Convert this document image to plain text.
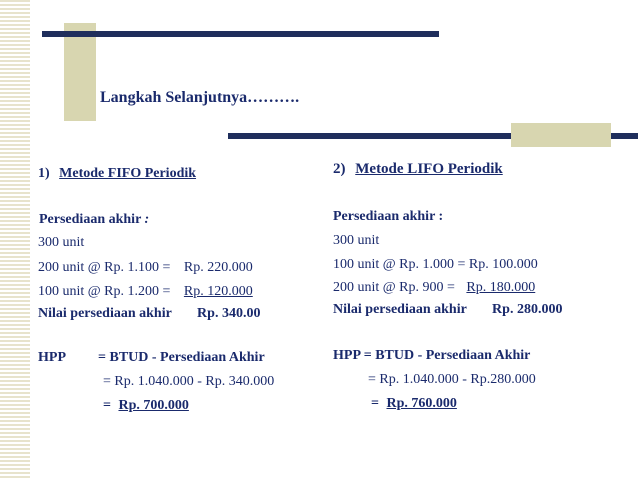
Langkah Selanjutnya……….
1) Metode FIFO Periodik
Persediaan akhir :
300 unit
200 unit @ Rp. 1.100 = Rp. 220.000
100 unit @ Rp. 1.200 = Rp. 120.000
Nilai persediaan akhir Rp. 340.00
HPP = BTUD - Persediaan Akhir
= Rp. 1.040.000 - Rp. 340.000
= Rp. 700.000
2) Metode LIFO Periodik
Persediaan akhir :
300 unit
100 unit @ Rp. 1.000 = Rp. 100.000
200 unit @ Rp. 900 = Rp. 180.000
Nilai persediaan akhir Rp. 280.000
HPP = BTUD - Persediaan Akhir
= Rp. 1.040.000 - Rp.280.000
= Rp. 760.000
